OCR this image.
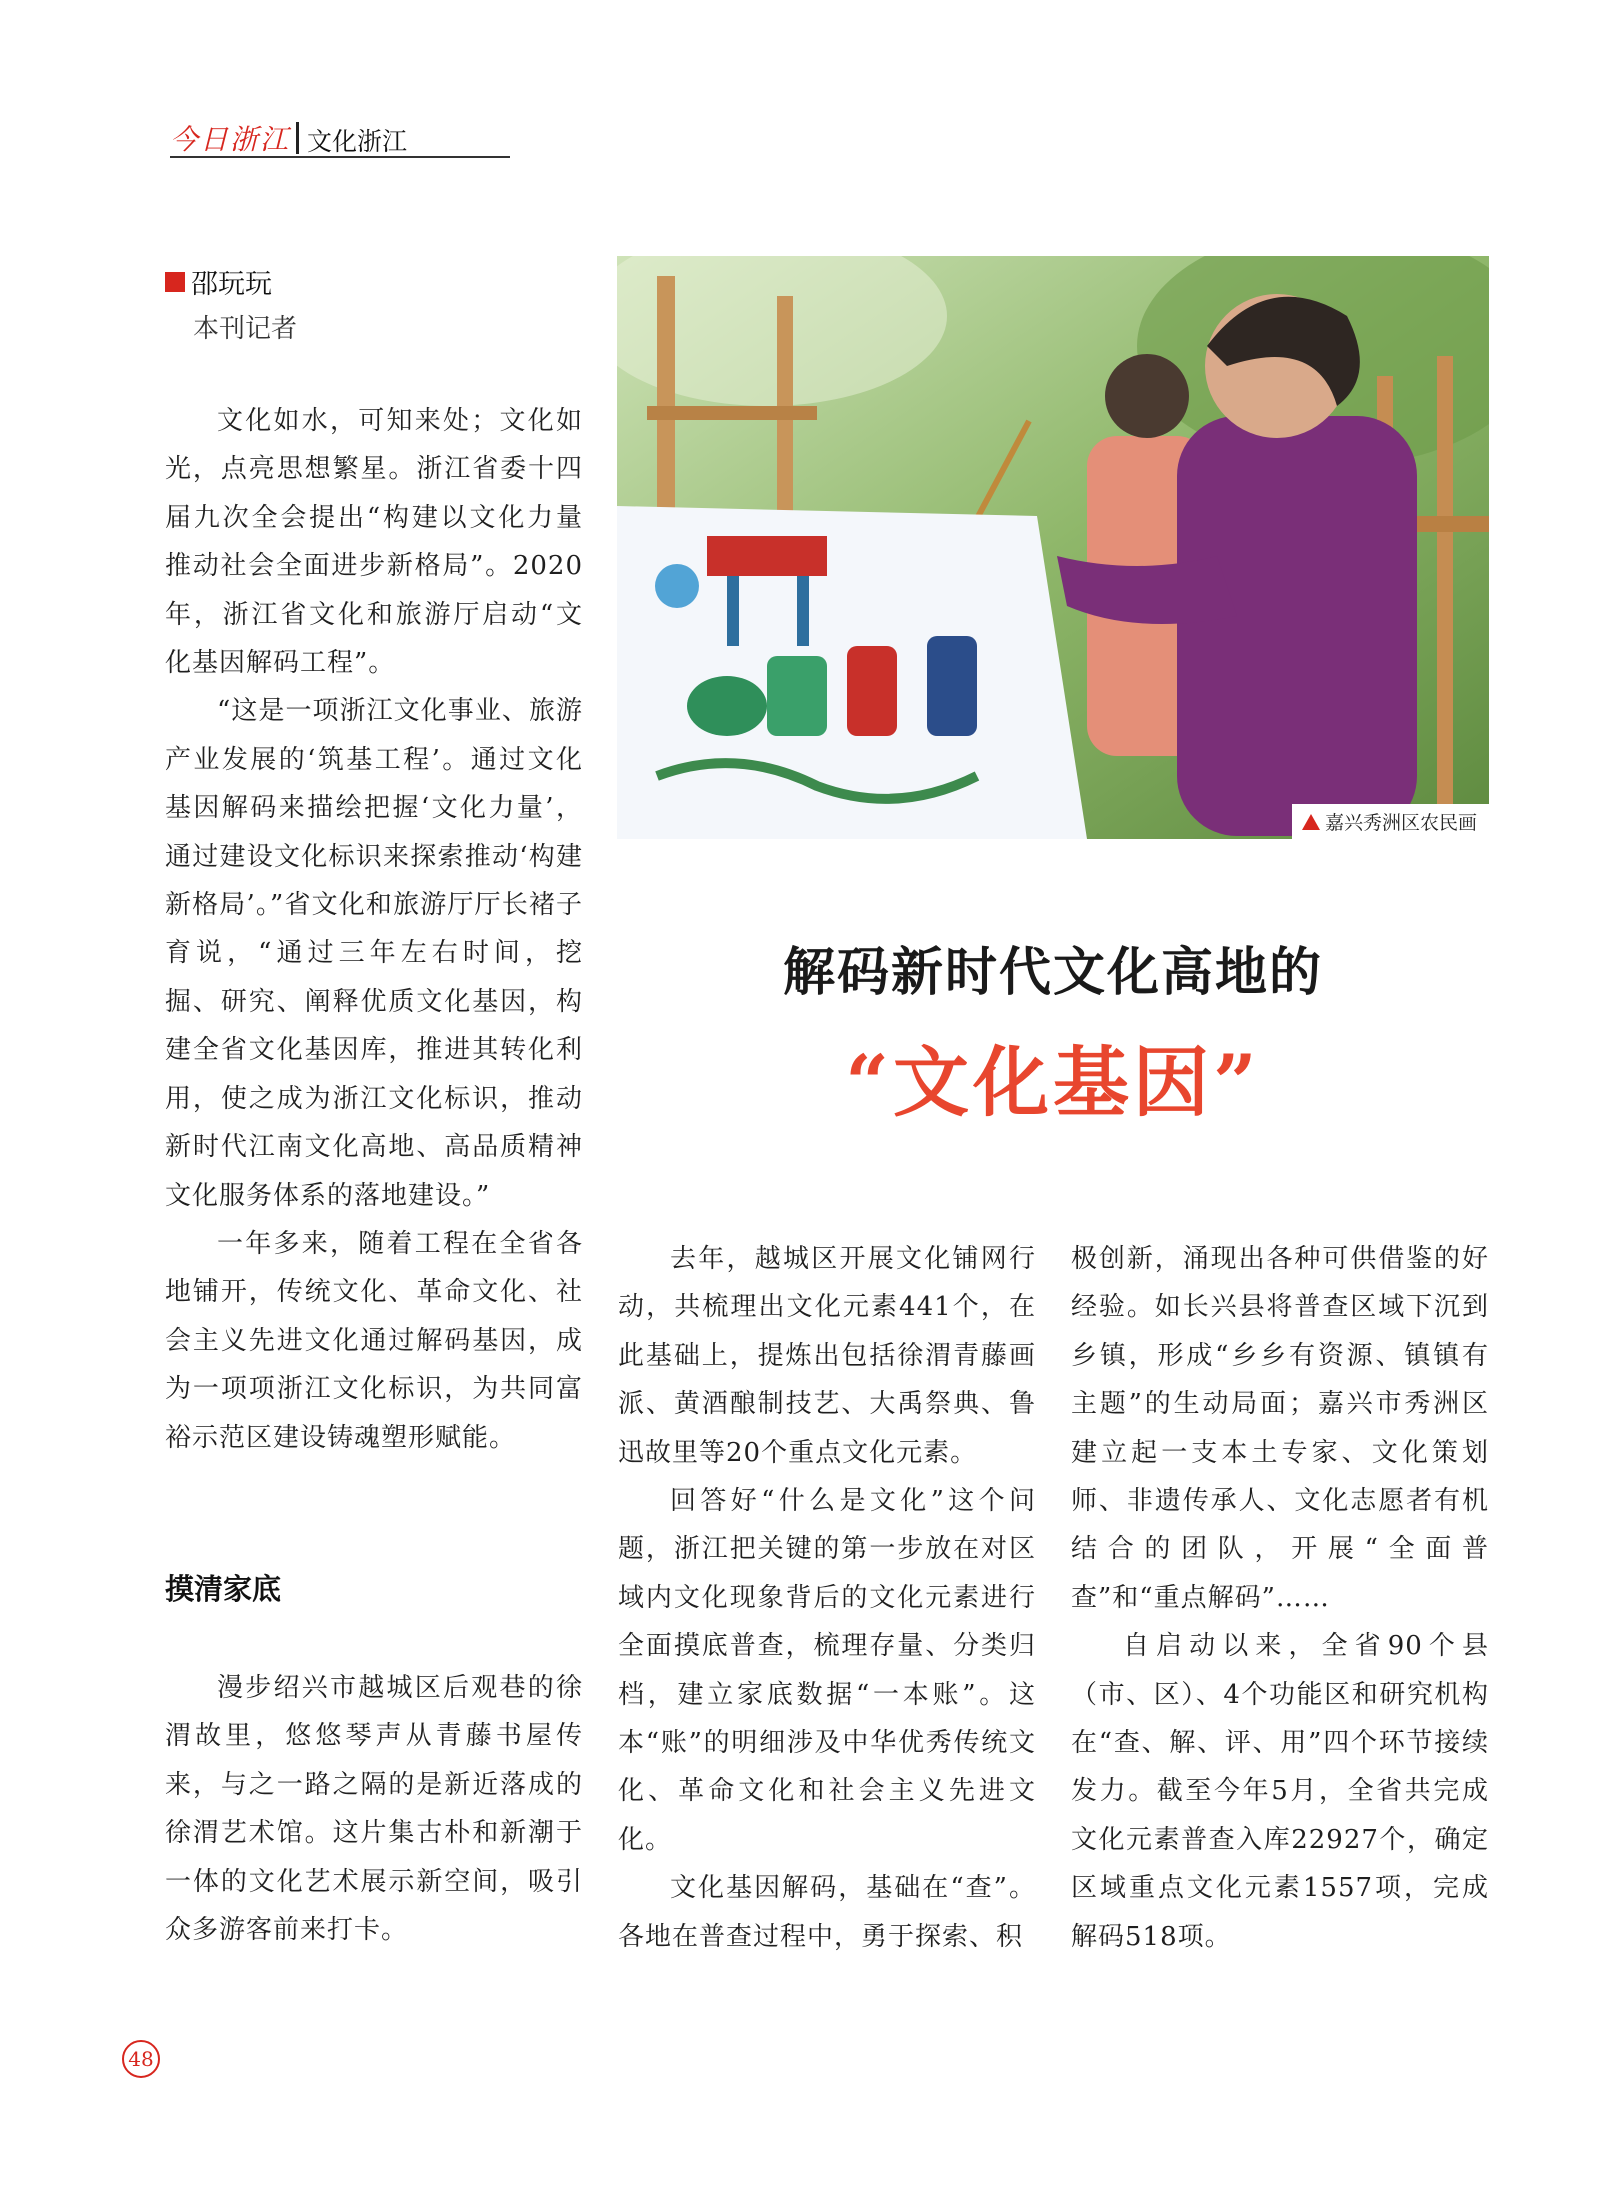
今日浙江 文化浙江
邵玩玩
本刊记者

文化如水，可知来处；文化如光，点亮思想繁星。浙江省委十四届九次全会提出“构建以文化力量推动社会全面进步新格局”。2020年，浙江省文化和旅游厅启动“文化基因解码工程”。

“这是一项浙江文化事业、旅游产业发展的‘筑基工程’。通过文化基因解码来描绘把握‘文化力量’，通过建设文化标识来探索推动‘构建新格局’。”省文化和旅游厅厅长褚子育说，“通过三年左右时间，挖掘、研究、阐释优质文化基因，构建全省文化基因库，推进其转化利用，使之成为浙江文化标识，推动新时代江南文化高地、高品质精神文化服务体系的落地建设。”

一年多来，随着工程在全省各地铺开，传统文化、革命文化、社会主义先进文化通过解码基因，成为一项项浙江文化标识，为共同富裕示范区建设铸魂塑形赋能。

摸清家底

漫步绍兴市越城区后观巷的徐渭故里，悠悠琴声从青藤书屋传来，与之一路之隔的是新近落成的徐渭艺术馆。这片集古朴和新潮于一体的文化艺术展示新空间，吸引众多游客前来打卡。

嘉兴秀洲区农民画
解码新时代文化高地的
“文化基因”

去年，越城区开展文化铺网行动，共梳理出文化元素441个，在此基础上，提炼出包括徐渭青藤画派、黄酒酿制技艺、大禹祭典、鲁迅故里等20个重点文化元素。

回答好“什么是文化”这个问题，浙江把关键的第一步放在对区域内文化现象背后的文化元素进行全面摸底普查，梳理存量、分类归档，建立家底数据“一本账”。这本“账”的明细涉及中华优秀传统文化、革命文化和社会主义先进文化。

文化基因解码，基础在“查”。各地在普查过程中，勇于探索、积

极创新，涌现出各种可供借鉴的好经验。如长兴县将普查区域下沉到乡镇，形成“乡乡有资源、镇镇有主题”的生动局面；嘉兴市秀洲区建立起一支本土专家、文化策划师、非遗传承人、文化志愿者有机结合的团队，开展“全面普查”和“重点解码”……

自启动以来，全省90个县（市、区）、4个功能区和研究机构在“查、解、评、用”四个环节接续发力。截至今年5月，全省共完成文化元素普查入库22927个，确定区域重点文化元素1557项，完成解码518项。

48
